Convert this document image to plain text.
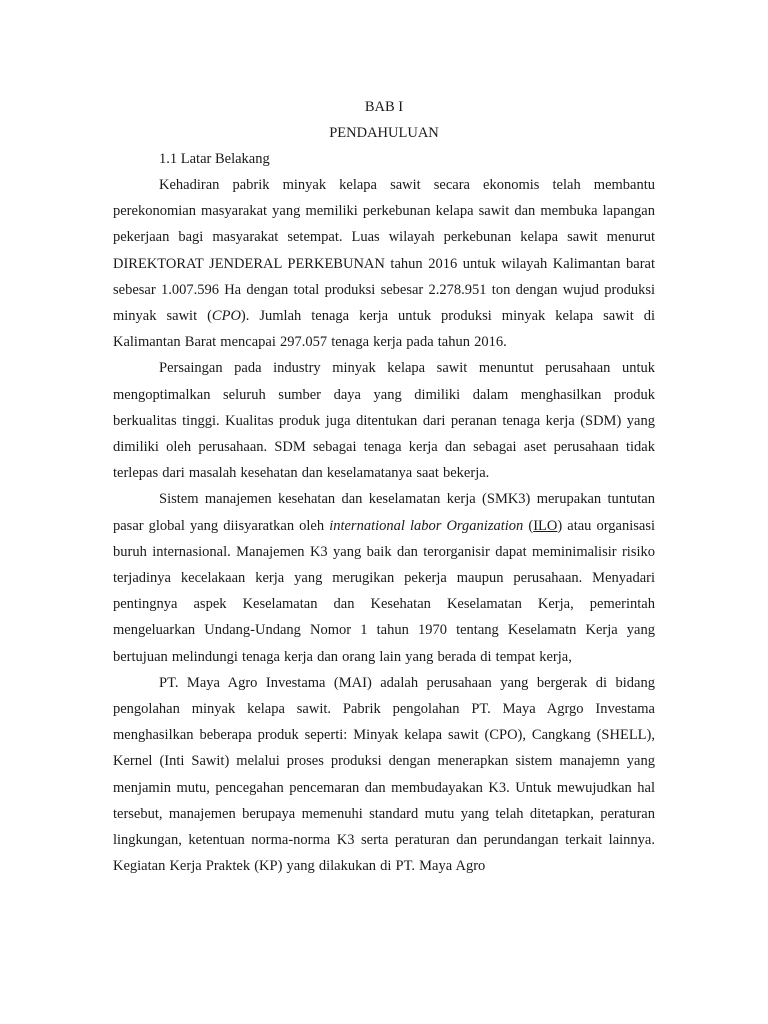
BAB I

PENDAHULUAN

1.1 Latar Belakang

Kehadiran pabrik minyak kelapa sawit secara ekonomis telah membantu perekonomian masyarakat yang memiliki perkebunan kelapa sawit dan membuka lapangan pekerjaan bagi masyarakat setempat. Luas wilayah perkebunan kelapa sawit menurut DIREKTORAT JENDERAL PERKEBUNAN tahun 2016 untuk wilayah Kalimantan barat sebesar 1.007.596 Ha dengan total produksi sebesar 2.278.951 ton dengan wujud produksi minyak sawit (CPO). Jumlah tenaga kerja untuk produksi minyak kelapa sawit di Kalimantan Barat mencapai 297.057 tenaga kerja pada tahun 2016.

Persaingan pada industry minyak kelapa sawit menuntut perusahaan untuk mengoptimalkan seluruh sumber daya yang dimiliki dalam menghasilkan produk berkualitas tinggi. Kualitas produk juga ditentukan dari peranan tenaga kerja (SDM) yang dimiliki oleh perusahaan. SDM sebagai tenaga kerja dan sebagai aset perusahaan tidak terlepas dari masalah kesehatan dan keselamatanya saat bekerja.

Sistem manajemen kesehatan dan keselamatan kerja (SMK3) merupakan tuntutan pasar global yang diisyaratkan oleh international labor Organization (ILO) atau organisasi buruh internasional. Manajemen K3 yang baik dan terorganisir dapat meminimalisir risiko terjadinya kecelakaan kerja yang merugikan pekerja maupun perusahaan. Menyadari pentingnya aspek Keselamatan dan Kesehatan Keselamatan Kerja, pemerintah mengeluarkan Undang-Undang Nomor 1 tahun 1970 tentang Keselamatn Kerja yang bertujuan melindungi tenaga kerja dan orang lain yang berada di tempat kerja,

PT. Maya Agro Investama (MAI) adalah perusahaan yang bergerak di bidang pengolahan minyak kelapa sawit. Pabrik pengolahan PT. Maya Agrgo Investama menghasilkan beberapa produk seperti: Minyak kelapa sawit (CPO), Cangkang (SHELL), Kernel (Inti Sawit) melalui proses produksi dengan menerapkan sistem manajemn yang menjamin mutu, pencegahan pencemaran dan membudayakan K3. Untuk mewujudkan hal tersebut, manajemen berupaya memenuhi standard mutu yang telah ditetapkan, peraturan lingkungan, ketentuan norma-norma K3 serta peraturan dan perundangan terkait lainnya. Kegiatan Kerja Praktek (KP) yang dilakukan di PT. Maya Agro
